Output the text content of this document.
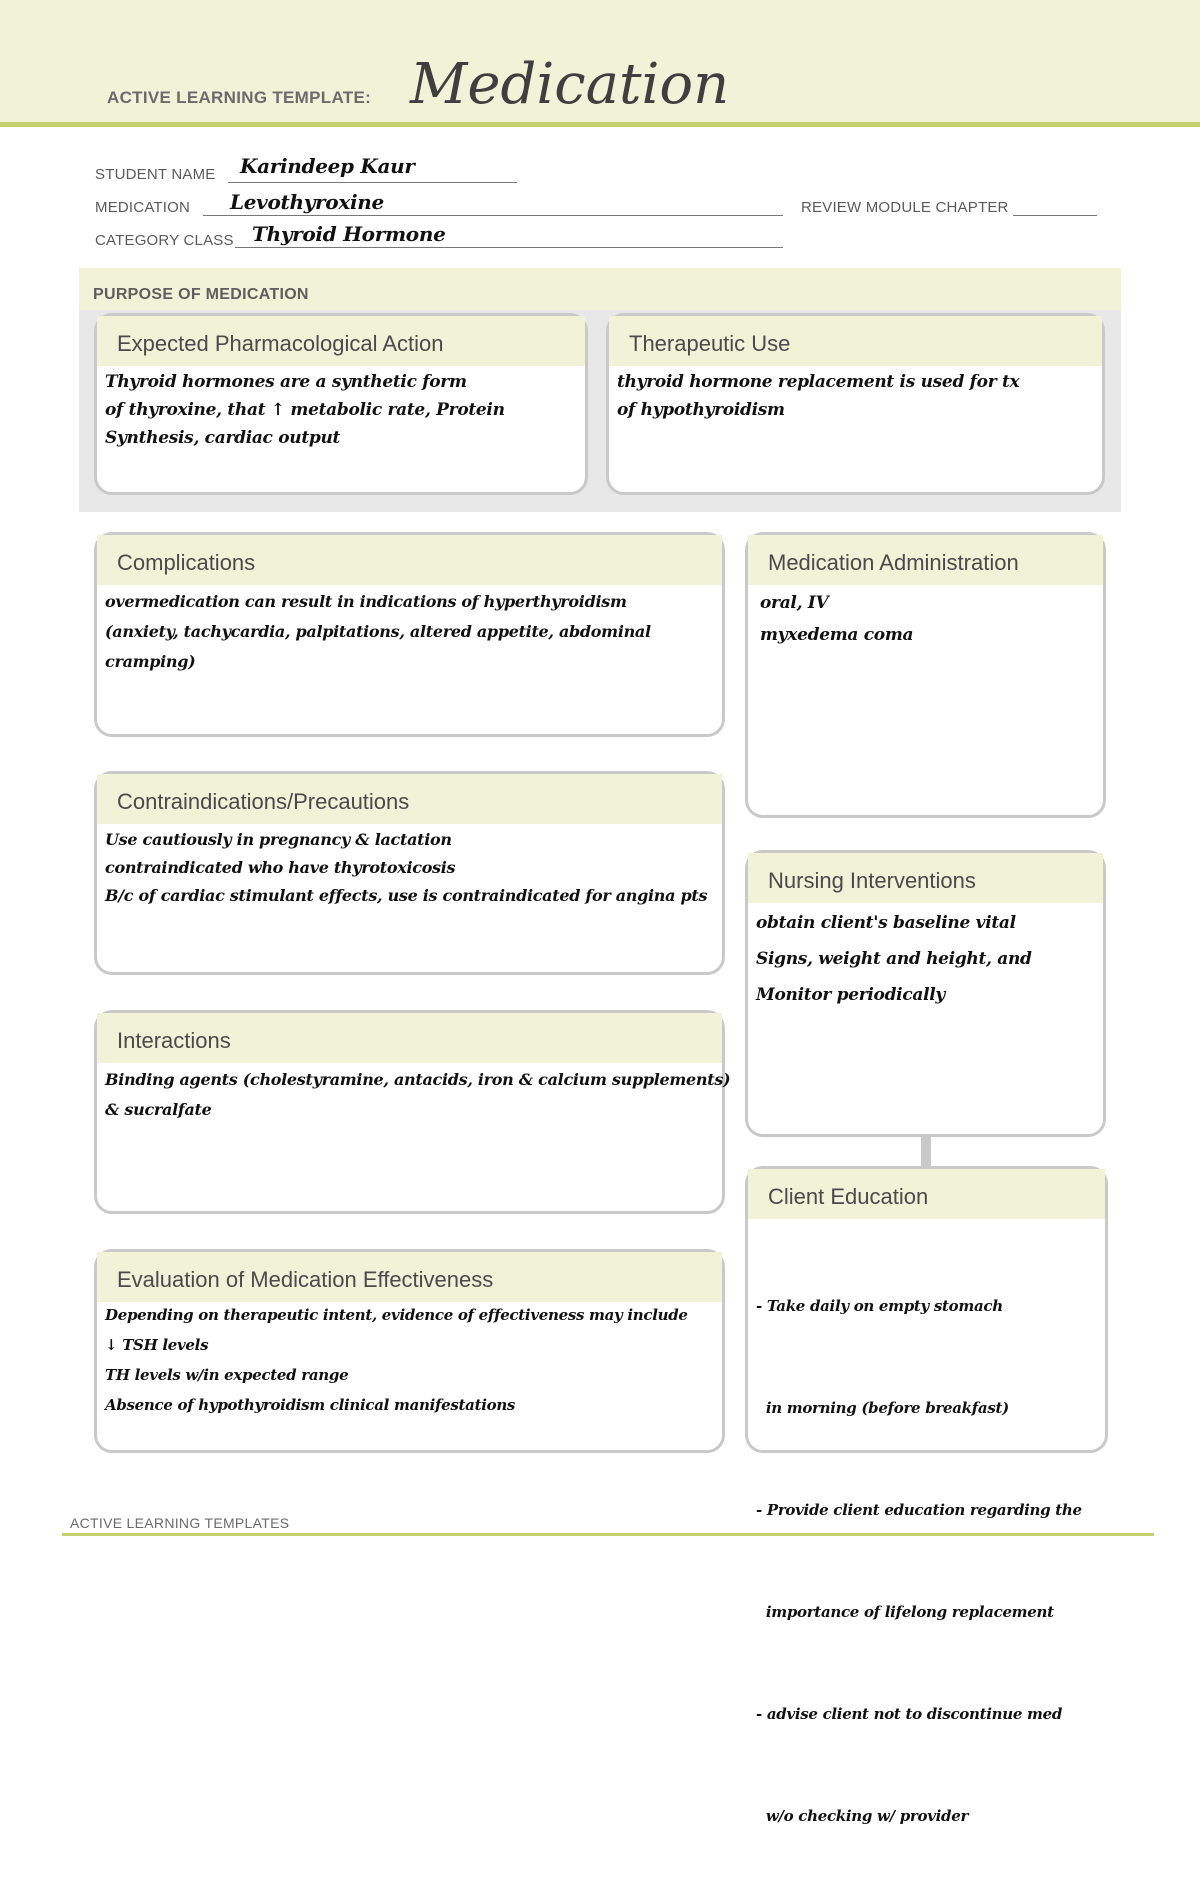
ACTIVE LEARNING TEMPLATE: Medication
STUDENT NAME Karindeep Kaur
MEDICATION Levothyroxine	REVIEW MODULE CHAPTER
CATEGORY CLASS Thyroid Hormone
PURPOSE OF MEDICATION
Expected Pharmacological Action
Thyroid hormones are a synthetic form
of thyroxine, that ↑ metabolic rate, Protein
Synthesis, cardiac output
Therapeutic Use
thyroid hormone replacement is used for tx
of hypothyroidism
Complications
overmedication can result in indications of hyperthyroidism
(anxiety, tachycardia, palpitations, altered appetite, abdominal
cramping)
Contraindications/Precautions
Use cautiously in pregnancy & lactation
contraindicated who have thyrotoxicosis
B/c of cardiac stimulant effects, use is contraindicated for angina pts
Interactions
Binding agents (cholestyramine, antacids, iron & calcium supplements)
& sucralfate
Evaluation of Medication Effectiveness
Depending on therapeutic intent, evidence of effectiveness may include
↓ TSH levels
TH levels w/in expected range
Absence of hypothyroidism clinical manifestations
Medication Administration
oral, IV
myxedema coma
Nursing Interventions
obtain client's baseline vital
Signs, weight and height, and
Monitor periodically
Client Education

- Take daily on empty stomach

in morning (before breakfast)

- Provide client education regarding the

importance of lifelong replacement

- advise client not to discontinue med

w/o checking w/ provider

ACTIVE LEARNING TEMPLATES
